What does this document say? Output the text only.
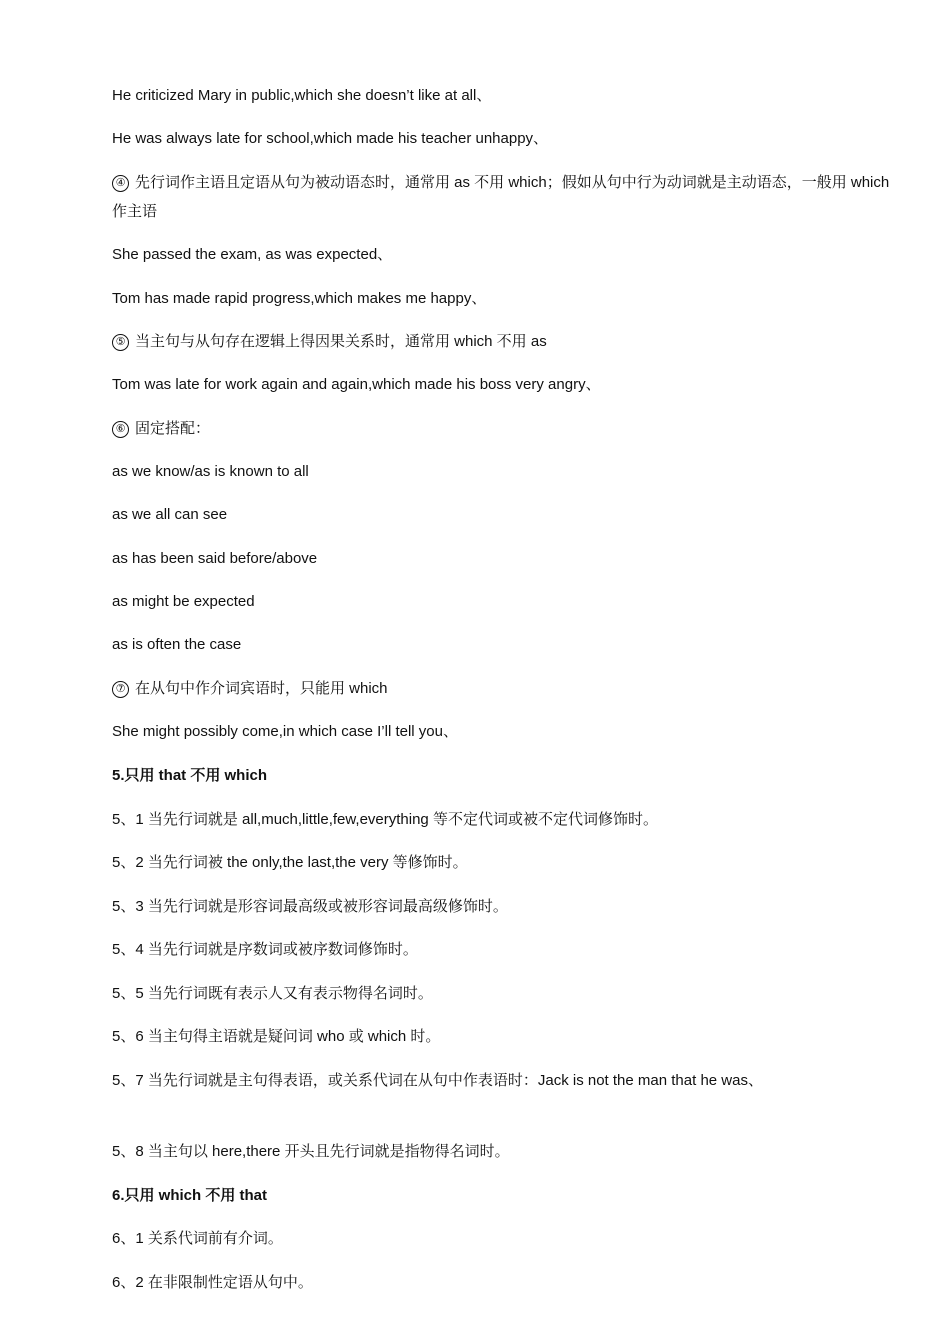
He criticized Mary in public,which she doesn’t like at all、
He was always late for school,which made his teacher unhappy、
④ 先行词作主语且定语从句为被动语态时，通常用 as 不用 which；假如从句中行为动词就是主动语态，一般用 which 作主语
She passed the exam, as was expected、
Tom has made rapid progress,which makes me happy、
⑤ 当主句与从句存在逻辑上得因果关系时，通常用 which 不用 as
Tom was late for work again and again,which made his boss very angry、
⑥ 固定搭配：
as we know/as is known to all
as we all can see
as has been said before/above
as might be expected
as is often the case
⑦ 在从句中作介词宾语时，只能用 which
She might possibly come,in which case I’ll tell you、
5.只用 that 不用 which
5、1 当先行词就是 all,much,little,few,everything 等不定代词或被不定代词修饰时。
5、2 当先行词被 the only,the last,the very 等修饰时。
5、3 当先行词就是形容词最高级或被形容词最高级修饰时。
5、4 当先行词就是序数词或被序数词修饰时。
5、5 当先行词既有表示人又有表示物得名词时。
5、6 当主句得主语就是疑问词 who 或 which 时。
5、7 当先行词就是主句得表语，或关系代词在从句中作表语时：Jack is not the man that he was、
5、8 当主句以 here,there 开头且先行词就是指物得名词时。
6.只用 which 不用 that
6、1 关系代词前有介词。
6、2 在非限制性定语从句中。
